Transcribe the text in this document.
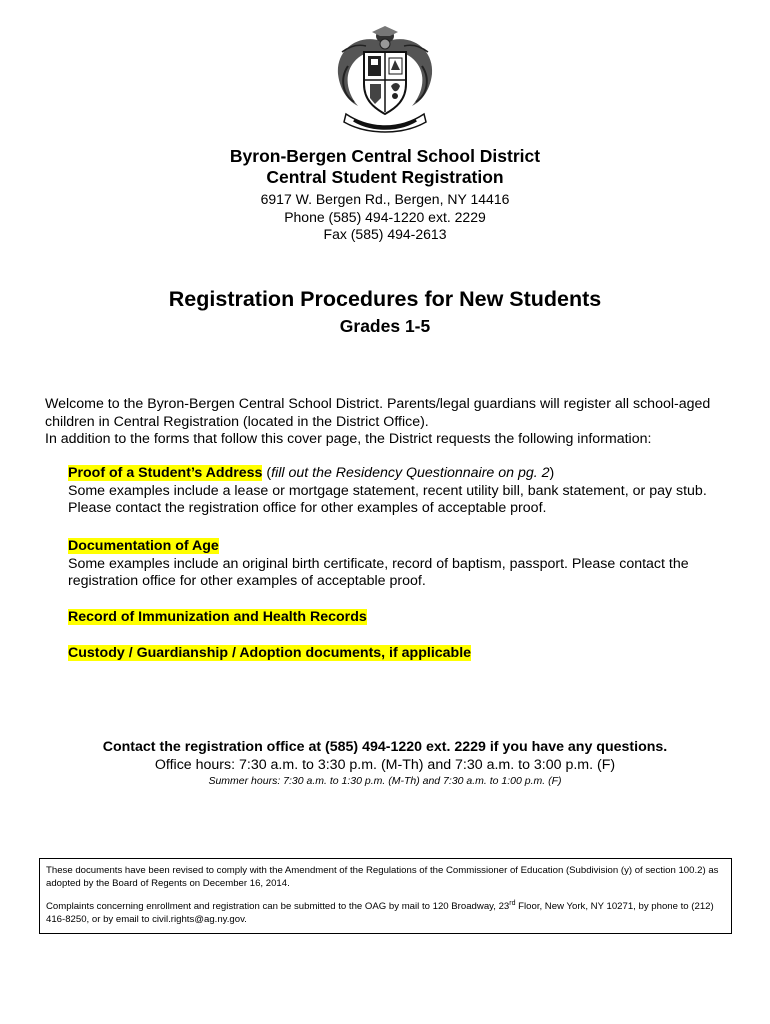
Byron-Bergen Central School District
Central Student Registration
6917 W. Bergen Rd., Bergen, NY 14416
Phone (585) 494-1220 ext. 2229
Fax (585) 494-2613
Registration Procedures for New Students
Grades 1-5

Welcome to the Byron-Bergen Central School District. Parents/legal guardians will register all school-aged children in Central Registration (located in the District Office).

In addition to the forms that follow this cover page, the District requests the following information:

Proof of a Student’s Address (fill out the Residency Questionnaire on pg. 2)

Some examples include a lease or mortgage statement, recent utility bill, bank statement, or pay stub. Please contact the registration office for other examples of acceptable proof.

Documentation of Age

Some examples include an original birth certificate, record of baptism, passport. Please contact the registration office for other examples of acceptable proof.

Record of Immunization and Health Records

Custody / Guardianship / Adoption documents, if applicable

Contact the registration office at (585) 494-1220 ext. 2229 if you have any questions.
Office hours: 7:30 a.m. to 3:30 p.m. (M-Th) and 7:30 a.m. to 3:00 p.m. (F)
Summer hours: 7:30 a.m. to 1:30 p.m. (M-Th) and 7:30 a.m. to 1:00 p.m. (F)

These documents have been revised to comply with the Amendment of the Regulations of the Commissioner of Education (Subdivision (y) of section 100.2) as adopted by the Board of Regents on December 16, 2014.

Complaints concerning enrollment and registration can be submitted to the OAG by mail to 120 Broadway, 23rd Floor, New York, NY 10271, by phone to (212) 416-8250, or by email to civil.rights@ag.ny.gov.
